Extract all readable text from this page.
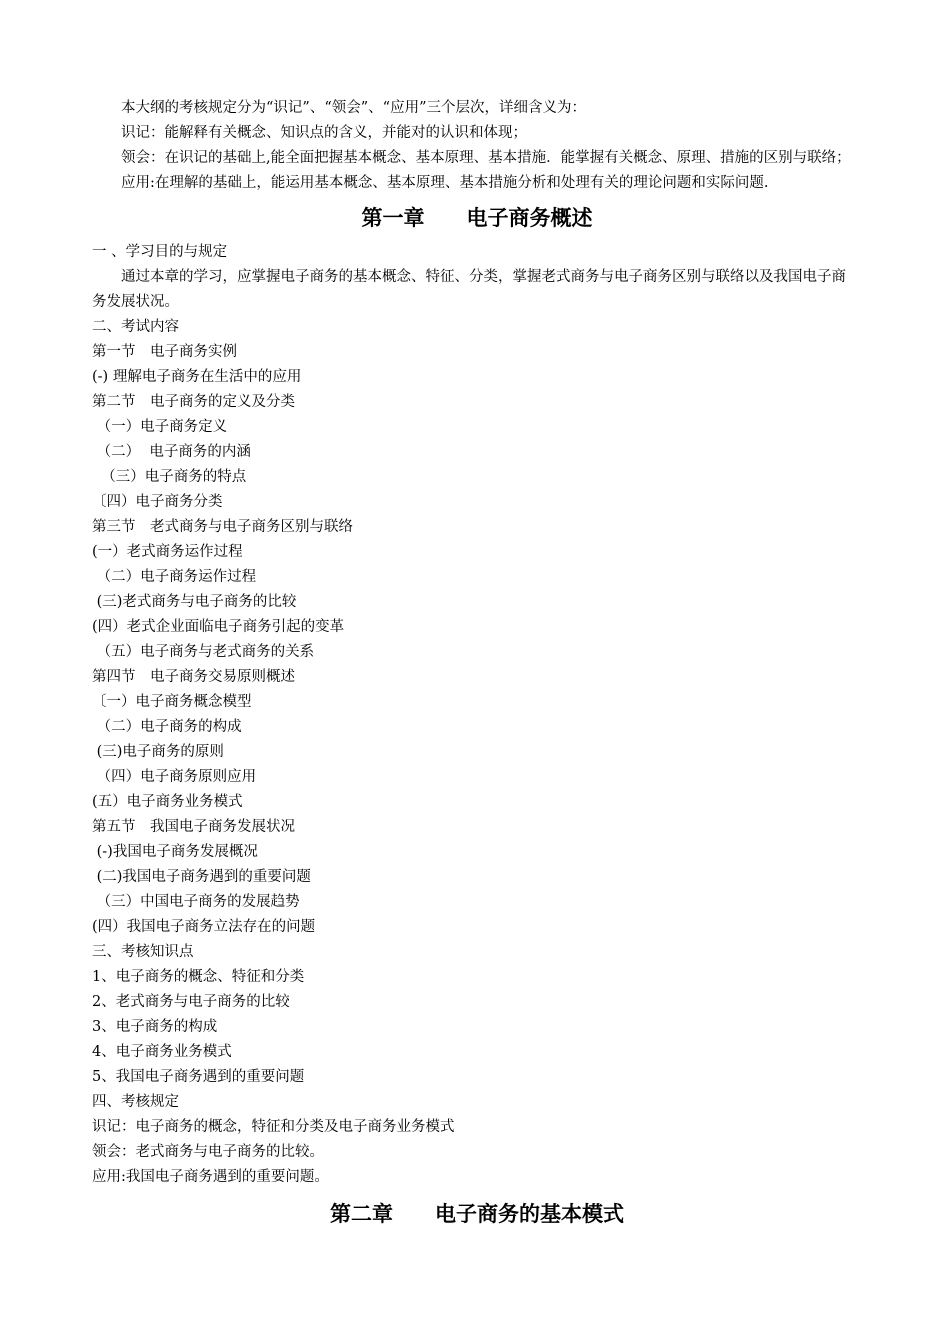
本大纲的考核规定分为“识记”、“领会”、“应用”三个层次，详细含义为：

识记：能解释有关概念、知识点的含义，并能对的认识和体现；

领会：在识记的基础上,能全面把握基本概念、基本原理、基本措施．能掌握有关概念、原理、措施的区别与联络；

应用:在理解的基础上，能运用基本概念、基本原理、基本措施分析和处理有关的理论问题和实际问题.

第一章　　电子商务概述

一 、学习目的与规定

通过本章的学习，应掌握电子商务的基本概念、特征、分类，掌握老式商务与电子商务区别与联络以及我国电子商务发展状况。

二、考试内容

第一节　电子商务实例

(-) 理解电子商务在生活中的应用

第二节　电子商务的定义及分类

（一）电子商务定义

（二）  电子商务的内涵

（三）电子商务的特点

〔四）电子商务分类

第三节　老式商务与电子商务区别与联络

(一）老式商务运作过程

（二）电子商务运作过程

(三)老式商务与电子商务的比较

(四）老式企业面临电子商务引起的变革

（五）电子商务与老式商务的关系

第四节　电子商务交易原则概述

〔一）电子商务概念模型

（二）电子商务的构成

(三)电子商务的原则

（四）电子商务原则应用

(五）电子商务业务模式

第五节　我国电子商务发展状况

(-)我国电子商务发展概况

(二)我国电子商务遇到的重要问题

（三）中国电子商务的发展趋势

(四）我国电子商务立法存在的问题

三、考核知识点

1、电子商务的概念、特征和分类

2、老式商务与电子商务的比较

3、电子商务的构成

4、电子商务业务模式

5、我国电子商务遇到的重要问题

四、考核规定

识记：电子商务的概念，特征和分类及电子商务业务模式

领会：老式商务与电子商务的比较。

应用:我国电子商务遇到的重要问题。

第二章　　电子商务的基本模式
